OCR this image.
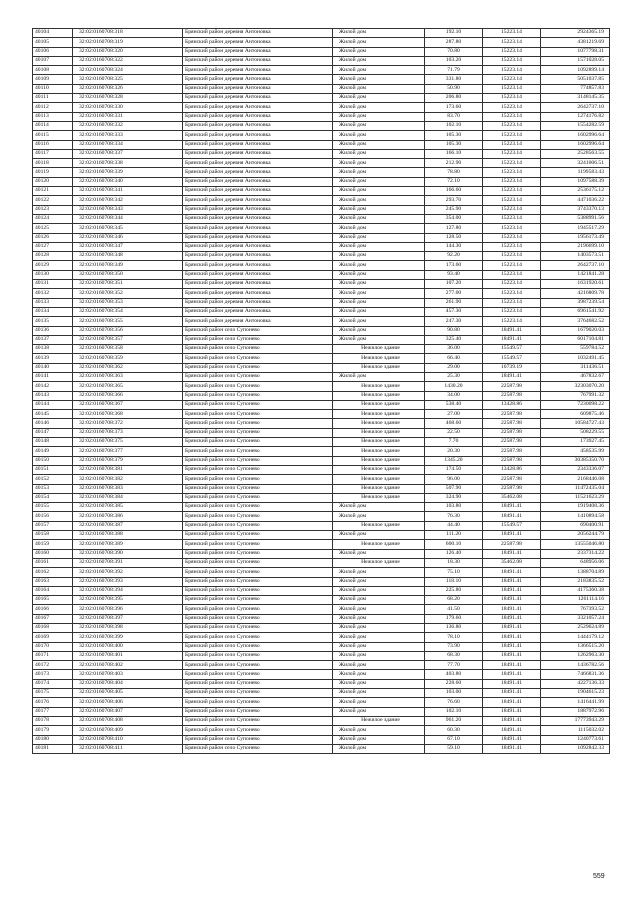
40104	32:02:0160708:318	Брянский район деревня Антоновка	Жилой дом	192.10	15223.14	2924365.19
40105	32:02:0160708:319	Брянский район деревня Антоновка	Жилой дом	287.80	15223.14	4381219.69
40106	32:02:0160708:320	Брянский район деревня Антоновка	Жилой дом	70.80	15223.14	1077798.31
40107	32:02:0160708:322	Брянский район деревня Антоновка	Жилой дом	103.20	15223.14	1571028.05
40108	32:02:0160708:324	Брянский район деревня Антоновка	Жилой дом	71.79	15223.14	1092899.14
40109	32:02:0160708:325	Брянский район деревня Антоновка	Жилой дом	331.80	15223.14	5051037.85
40110	32:02:0160708:326	Брянский район деревня Антоновка	Жилой дом	50.90	15223.14	774857.83
40111	32:02:0160708:328	Брянский район деревня Антоновка	Жилой дом	206.80	15223.14	3148145.35
40112	32:02:0160708:330	Брянский район деревня Антоновка	Жилой дом	173.60	15223.14	2642737.10
40113	32:02:0160708:331	Брянский район деревня Антоновка	Жилой дом	83.70	15223.14	1274176.82
40114	32:02:0160708:332	Брянский район деревня Антоновка	Жилой дом	102.10	15223.14	1554282.59
40115	32:02:0160708:333	Брянский район деревня Антоновка	Жилой дом	105.30	15223.14	1602996.64
40116	32:02:0160708:334	Брянский район деревня Антоновка	Жилой дом	105.30	15223.14	1602996.64
40117	32:02:0160708:337	Брянский район деревня Антоновка	Жилой дом	166.10	15223.14	2528563.55
40118	32:02:0160708:338	Брянский район деревня Антоновка	Жилой дом	212.90	15223.14	3241006.51
40119	32:02:0160708:339	Брянский район деревня Антоновка	Жилой дом	78.80	15223.14	1199583.43
40120	32:02:0160708:340	Брянский район деревня Антоновка	Жилой дом	72.10	15223.14	1097588.39
40121	32:02:0160708:341	Брянский район деревня Антоновка	Жилой дом	166.60	15223.14	2536175.12
40122	32:02:0160708:342	Брянский район деревня Антоновка	Жилой дом	293.70	15223.14	4471036.22
40123	32:02:0160708:343	Брянский район деревня Антоновка	Жилой дом	245.90	15223.14	3743370.13
40124	32:02:0160708:344	Брянский район деревня Антоновка	Жилой дом	354.00	15223.14	5388991.56
40125	32:02:0160708:345	Брянский район деревня Антоновка	Жилой дом	127.80	15223.14	1945517.29
40126	32:02:0160708:346	Брянский район деревня Антоновка	Жилой дом	128.50	15223.14	1956173.49
40127	32:02:0160708:347	Брянский район деревня Антоновка	Жилой дом	144.30	15223.14	2196699.10
40128	32:02:0160708:348	Брянский район деревня Антоновка	Жилой дом	92.20	15223.14	1403573.51
40129	32:02:0160708:349	Брянский район деревня Антоновка	Жилой дом	173.60	15223.14	2642737.10
40130	32:02:0160708:350	Брянский район деревня Антоновка	Жилой дом	93.40	15223.14	1421841.28
40131	32:02:0160708:351	Брянский район деревня Антоновка	Жилой дом	107.20	15223.14	1631920.61
40132	32:02:0160708:352	Брянский район деревня Антоновка	Жилой дом	277.00	15223.14	4216809.78
40133	32:02:0160708:353	Брянский район деревня Антоновка	Жилой дом	261.90	15223.14	3987239.54
40134	32:02:0160708:354	Брянский район деревня Антоновка	Жилой дом	457.30	15223.14	6961541.92
40135	32:02:0160708:355	Брянский район деревня Антоновка	Жилой дом	247.30	15223.14	3764682.52
40136	32:02:0160708:356	Брянский район село Супонево	Жилой дом	90.80	18491.41	1679020.03
40137	32:02:0160708:357	Брянский район село Супонево	Жилой дом	325.40	18491.41	6017104.81
40138	32:02:0160708:358	Брянский район село Супонево	Нежилое здание	36.00	15549.57	559784.52
40139	32:02:0160708:359	Брянский район село Супонево	Нежилое здание	66.40	15549.57	1032491.45
40140	32:02:0160708:362	Брянский район село Супонево	Нежилое здание	29.00	10739.19	311436.51
40141	32:02:0160708:363	Брянский район село Супонево	Жилой дом	25.30	18491.41	467832.67
40142	32:02:0160708:365	Брянский район село Супонево	Нежилое здание	1430.20	22587.98	32303070.20
40143	32:02:0160708:366	Брянский район село Супонево	Нежилое здание	34.00	22587.98	767991.32
40144	32:02:0160708:367	Брянский район село Супонево	Нежилое здание	538.40	13428.86	7230098.22
40145	32:02:0160708:368	Брянский район село Супонево	Нежилое здание	27.00	22587.98	609875.46
40146	32:02:0160708:372	Брянский район село Супонево	Нежилое здание	468.60	22587.98	10584727.43
40147	32:02:0160708:373	Брянский район село Супонево	Нежилое здание	22.50	22587.98	508229.55
40148	32:02:0160708:375	Брянский район село Супонево	Нежилое здание	7.70	22587.98	173927.45
40149	32:02:0160708:377	Брянский район село Супонево	Нежилое здание	20.30	22587.98	458535.99
40150	32:02:0160708:379	Брянский район село Супонево	Нежилое здание	1345.20	22587.98	30385350.70
40151	32:02:0160708:381	Брянский район село Супонево	Нежилое здание	174.50	13428.86	2343336.07
40152	32:02:0160708:382	Брянский район село Супонево	Нежилое здание	96.00	22587.98	2168446.08
40153	32:02:0160708:383	Брянский район село Супонево	Нежилое здание	507.90	22587.98	11472435.04
40154	32:02:0160708:384	Брянский район село Супонево	Нежилое здание	324.90	35462.08	11521623.29
40155	32:02:0160708:385	Брянский район село Супонево	Жилой дом	103.80	18491.41	1919408.36
40156	32:02:0160708:386	Брянский район село Супонево	Жилой дом	76.30	18491.41	1410894.58
40157	32:02:0160708:387	Брянский район село Супонево	Нежилое здание	44.40	15549.57	690400.91
40158	32:02:0160708:388	Брянский район село Супонево	Жилой дом	111.20	18491.41	2056244.79
40159	32:02:0160708:389	Брянский район село Супонево	Нежилое здание	600.10	22587.98	13555046.80
40160	32:02:0160708:390	Брянский район село Супонево	Жилой дом	126.40	18491.41	2337314.22
40161	32:02:0160708:391	Брянский район село Супонево	Нежилое здание	18.30	35462.08	648956.06
40162	32:02:0160708:392	Брянский район село Супонево	Жилой дом	75.10	18491.41	1388704.89
40163	32:02:0160708:393	Брянский район село Супонево	Жилой дом	118.10	18491.41	2183835.52
40164	32:02:0160708:394	Брянский район село Супонево	Жилой дом	225.80	18491.41	4175360.38
40165	32:02:0160708:395	Брянский район село Супонево	Жилой дом	68.20	18491.41	1261114.16
40166	32:02:0160708:396	Брянский район село Супонево	Жилой дом	41.50	18491.41	767393.52
40167	32:02:0160708:397	Брянский район село Супонево	Жилой дом	179.60	18491.41	3321057.24
40168	32:02:0160708:398	Брянский район село Супонево	Жилой дом	136.80	18491.41	2529624.89
40169	32:02:0160708:399	Брянский район село Супонево	Жилой дом	78.10	18491.41	1444179.12
40170	32:02:0160708:400	Брянский район село Супонево	Жилой дом	73.90	18491.41	1366515.20
40171	32:02:0160708:401	Брянский район село Супонево	Жилой дом	68.30	18491.41	1262963.30
40172	32:02:0160708:402	Брянский район село Супонево	Жилой дом	77.70	18491.41	1436782.56
40173	32:02:0160708:403	Брянский район село Супонево	Жилой дом	403.80	18491.41	7466831.36
40174	32:02:0160708:404	Брянский район село Супонево	Жилой дом	228.60	18491.41	4227136.33
40175	32:02:0160708:405	Брянский район село Супонево	Жилой дом	103.00	18491.41	1904615.23
40176	32:02:0160708:406	Брянский район село Супонево	Жилой дом	76.60	18491.41	1416441.99
40177	32:02:0160708:407	Брянский район село Супонево	Жилой дом	102.10	18491.41	1887972.96
40178	32:02:0160708:408	Брянский район село Супонево	Нежилое здание	961.20	18491.41	17773943.29
40179	32:02:0160708:409	Брянский район село Супонево	Жилой дом	60.30	18491.41	1115032.02
40180	32:02:0160708:410	Брянский район село Супонево	Жилой дом	67.10	18491.41	1240773.61
40181	32:02:0160708:411	Брянский район село Супонево	Жилой дом	59.10	18491.41	1092842.33
559
